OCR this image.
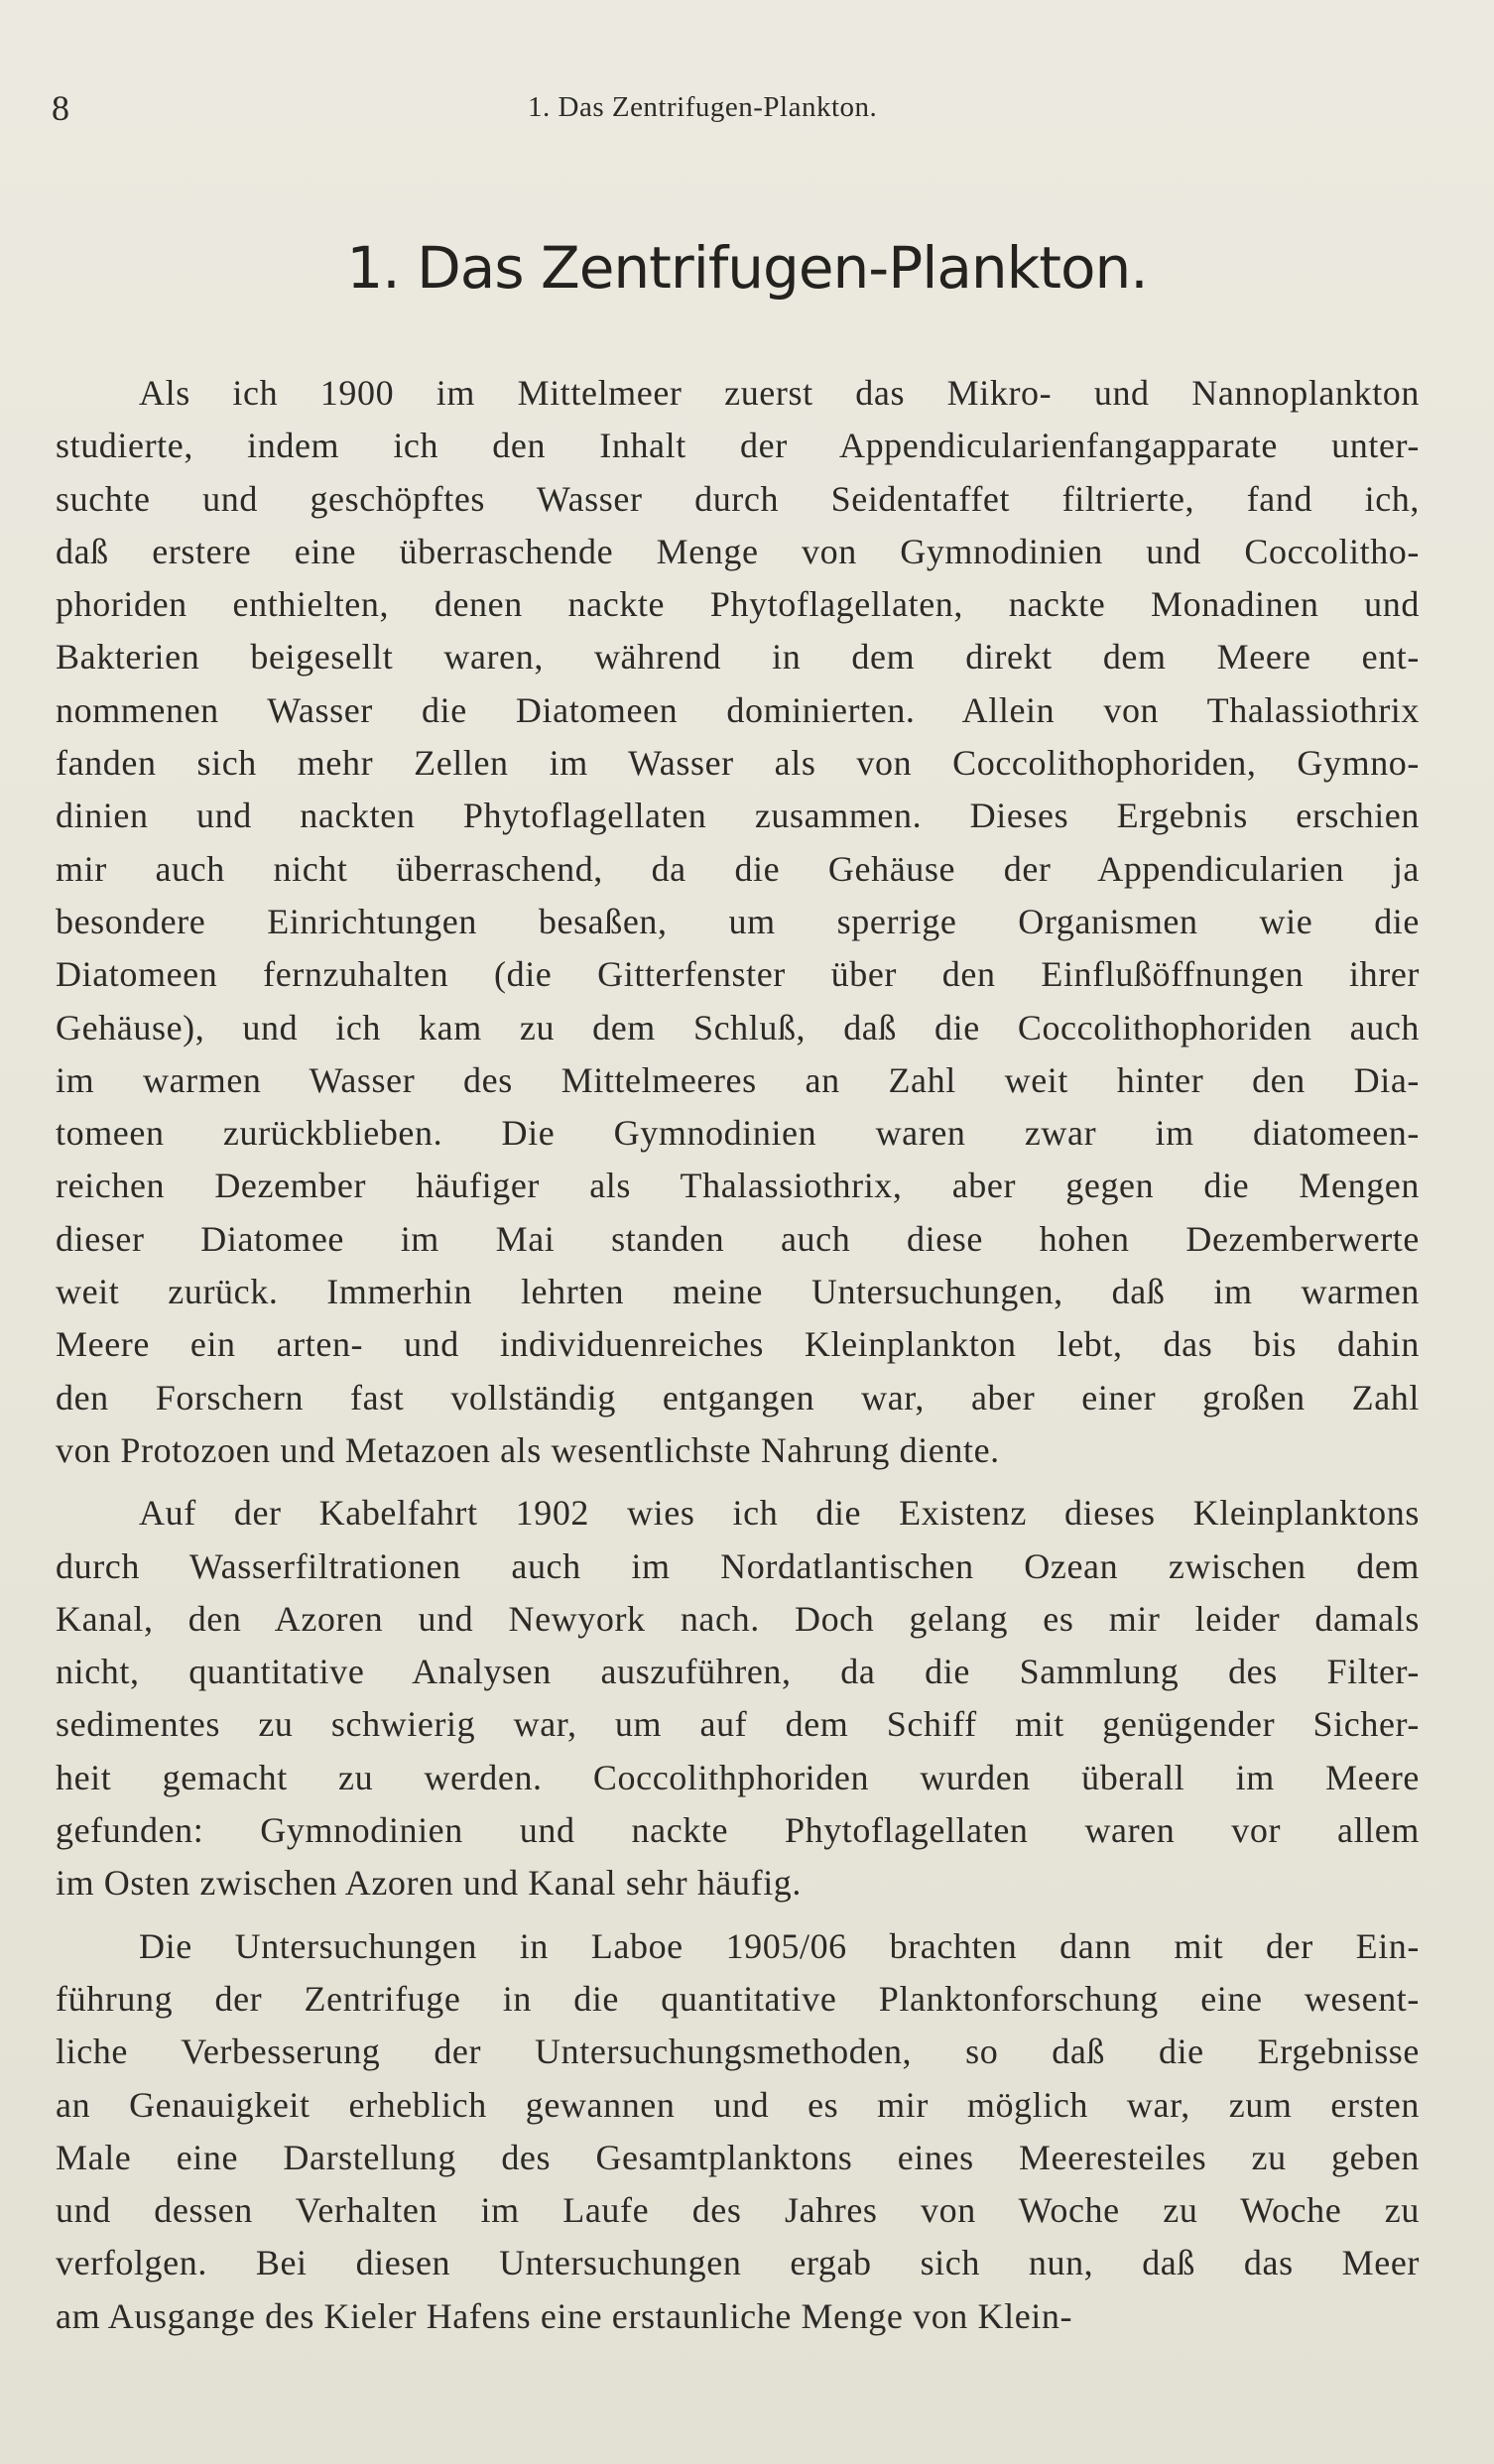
8	1. Das Zentrifugen-Plankton.
1. Das Zentrifugen-Plankton.
Als ich 1900 im Mittelmeer zuerst das Mikro- und Nannoplankton
studierte, indem ich den Inhalt der Appendicularienfangapparate unter-
suchte und geschöpftes Wasser durch Seidentaffet filtrierte, fand ich,
daß erstere eine überraschende Menge von Gymnodinien und Coccolitho-
phoriden enthielten, denen nackte Phytoflagellaten, nackte Monadinen und
Bakterien beigesellt waren, während in dem direkt dem Meere ent-
nommenen Wasser die Diatomeen dominierten. Allein von Thalassiothrix
fanden sich mehr Zellen im Wasser als von Coccolithophoriden, Gymno-
dinien und nackten Phytoflagellaten zusammen. Dieses Ergebnis erschien
mir auch nicht überraschend, da die Gehäuse der Appendicularien ja
besondere Einrichtungen besaßen, um sperrige Organismen wie die
Diatomeen fernzuhalten (die Gitterfenster über den Einflußöffnungen ihrer
Gehäuse), und ich kam zu dem Schluß, daß die Coccolithophoriden auch
im warmen Wasser des Mittelmeeres an Zahl weit hinter den Dia-
tomeen zurückblieben. Die Gymnodinien waren zwar im diatomeen-
reichen Dezember häufiger als Thalassiothrix, aber gegen die Mengen
dieser Diatomee im Mai standen auch diese hohen Dezemberwerte
weit zurück. Immerhin lehrten meine Untersuchungen, daß im warmen
Meere ein arten- und individuenreiches Kleinplankton lebt, das bis dahin
den Forschern fast vollständig entgangen war, aber einer großen Zahl
von Protozoen und Metazoen als wesentlichste Nahrung diente.
Auf der Kabelfahrt 1902 wies ich die Existenz dieses Kleinplanktons
durch Wasserfiltrationen auch im Nordatlantischen Ozean zwischen dem
Kanal, den Azoren und Newyork nach. Doch gelang es mir leider damals
nicht, quantitative Analysen auszuführen, da die Sammlung des Filter-
sedimentes zu schwierig war, um auf dem Schiff mit genügender Sicher-
heit gemacht zu werden. Coccolithphoriden wurden überall im Meere
gefunden: Gymnodinien und nackte Phytoflagellaten waren vor allem
im Osten zwischen Azoren und Kanal sehr häufig.
Die Untersuchungen in Laboe 1905/06 brachten dann mit der Ein-
führung der Zentrifuge in die quantitative Planktonforschung eine wesent-
liche Verbesserung der Untersuchungsmethoden, so daß die Ergebnisse
an Genauigkeit erheblich gewannen und es mir möglich war, zum ersten
Male eine Darstellung des Gesamtplanktons eines Meeresteiles zu geben
und dessen Verhalten im Laufe des Jahres von Woche zu Woche zu
verfolgen. Bei diesen Untersuchungen ergab sich nun, daß das Meer
am Ausgange des Kieler Hafens eine erstaunliche Menge von Klein-
